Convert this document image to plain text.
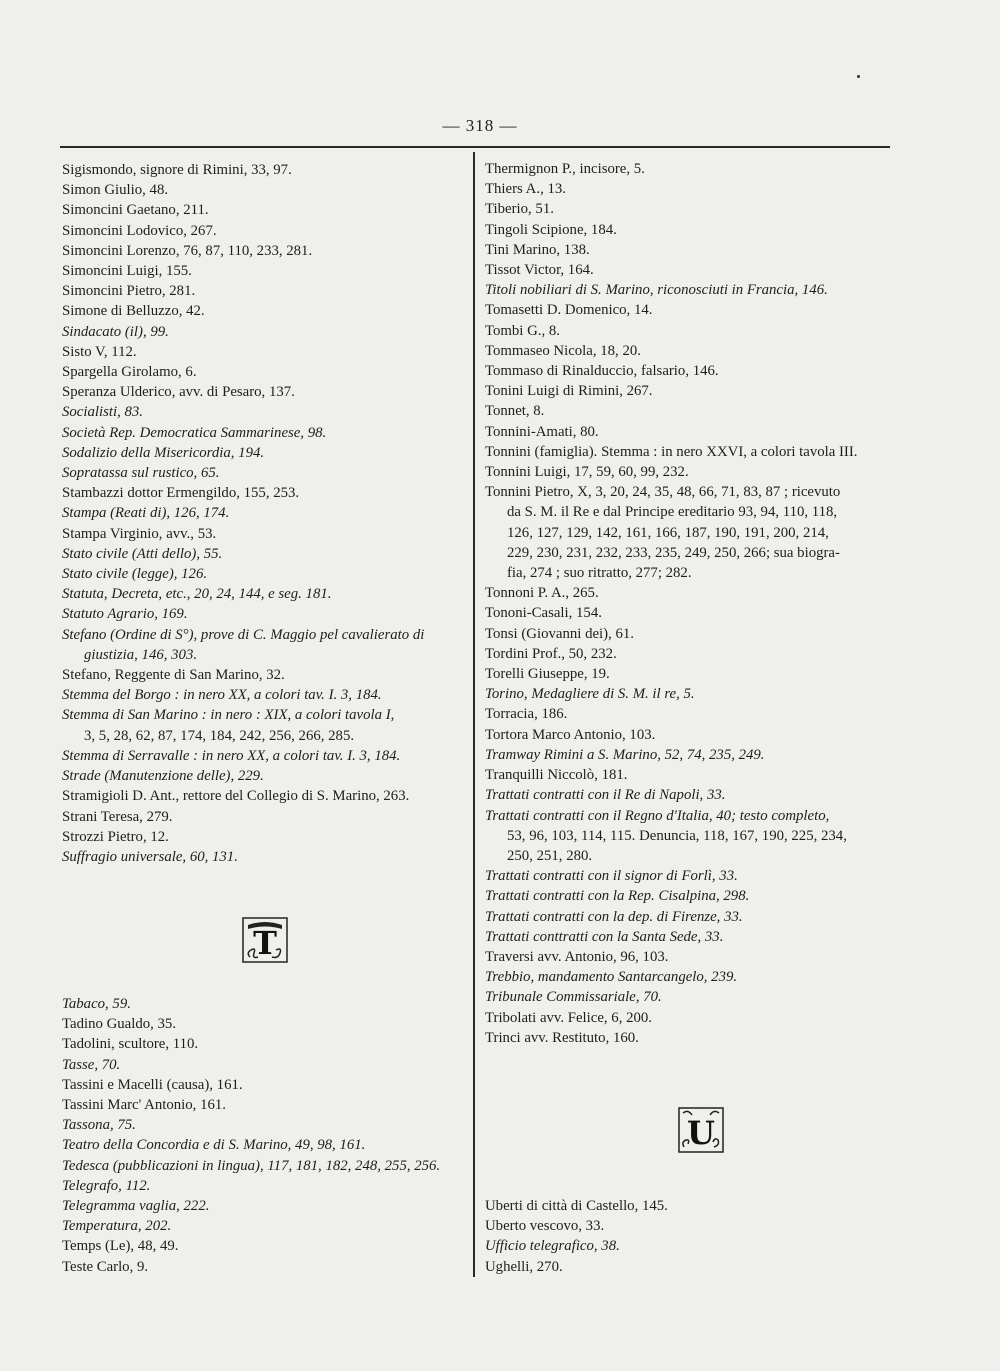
— 318 —
Sigismondo, signore di Rimini, 33, 97.
Simon Giulio, 48.
Simoncini Gaetano, 211.
Simoncini Lodovico, 267.
Simoncini Lorenzo, 76, 87, 110, 233, 281.
Simoncini Luigi, 155.
Simoncini Pietro, 281.
Simone di Belluzzo, 42.
Sindacato (il), 99.
Sisto V, 112.
Spargella Girolamo, 6.
Speranza Ulderico, avv. di Pesaro, 137.
Socialisti, 83.
Società Rep. Democratica Sammarinese, 98.
Sodalizio della Misericordia, 194.
Sopratassa sul rustico, 65.
Stambazzi dottor Ermengildo, 155, 253.
Stampa (Reati di), 126, 174.
Stampa Virginio, avv., 53.
Stato civile (Atti dello), 55.
Stato civile (legge), 126.
Statuta, Decreta, etc., 20, 24, 144, e seg. 181.
Statuto Agrario, 169.
Stefano (Ordine di S°), prove di C. Maggio pel cavalierato di
giustizia, 146, 303.
Stefano, Reggente di San Marino, 32.
Stemma del Borgo : in nero XX, a colori tav. I. 3, 184.
Stemma di San Marino : in nero : XIX, a colori tavola I,
3, 5, 28, 62, 87, 174, 184, 242, 256, 266, 285.
Stemma di Serravalle : in nero XX, a colori tav. I. 3, 184.
Strade (Manutenzione delle), 229.
Stramigioli D. Ant., rettore del Collegio di S. Marino, 263.
Strani Teresa, 279.
Strozzi Pietro, 12.
Suffragio universale, 60, 131.
T
Tabaco, 59.
Tadino Gualdo, 35.
Tadolini, scultore, 110.
Tasse, 70.
Tassini e Macelli (causa), 161.
Tassini Marc' Antonio, 161.
Tassona, 75.
Teatro della Concordia e di S. Marino, 49, 98, 161.
Tedesca (pubblicazioni in lingua), 117, 181, 182, 248, 255, 256.
Telegrafo, 112.
Telegramma vaglia, 222.
Temperatura, 202.
Temps (Le), 48, 49.
Teste Carlo, 9.
Thermignon P., incisore, 5.
Thiers A., 13.
Tiberio, 51.
Tingoli Scipione, 184.
Tini Marino, 138.
Tissot Victor, 164.
Titoli nobiliari di S. Marino, riconosciuti in Francia, 146.
Tomasetti D. Domenico, 14.
Tombi G., 8.
Tommaseo Nicola, 18, 20.
Tommaso di Rinalduccio, falsario, 146.
Tonini Luigi di Rimini, 267.
Tonnet, 8.
Tonnini-Amati, 80.
Tonnini (famiglia). Stemma : in nero XXVI, a colori tavola III.
Tonnini Luigi, 17, 59, 60, 99, 232.
Tonnini Pietro, X, 3, 20, 24, 35, 48, 66, 71, 83, 87 ; ricevuto
da S. M. il Re e dal Principe ereditario 93, 94, 110, 118,
126, 127, 129, 142, 161, 166, 187, 190, 191, 200, 214,
229, 230, 231, 232, 233, 235, 249, 250, 266; sua biogra-
fia, 274 ; suo ritratto, 277; 282.
Tonnoni P. A., 265.
Tononi-Casali, 154.
Tonsi (Giovanni dei), 61.
Tordini Prof., 50, 232.
Torelli Giuseppe, 19.
Torino, Medagliere di S. M. il re, 5.
Torracia, 186.
Tortora Marco Antonio, 103.
Tramway Rimini a S. Marino, 52, 74, 235, 249.
Tranquilli Niccolò, 181.
Trattati contratti con il Re di Napoli, 33.
Trattati contratti con il Regno d'Italia, 40; testo completo,
53, 96, 103, 114, 115. Denuncia, 118, 167, 190, 225, 234,
250, 251, 280.
Trattati contratti con il signor di Forlì, 33.
Trattati contratti con la Rep. Cisalpina, 298.
Trattati contratti con la dep. di Firenze, 33.
Trattati conttratti con la Santa Sede, 33.
Traversi avv. Antonio, 96, 103.
Trebbio, mandamento Santarcangelo, 239.
Tribunale Commissariale, 70.
Tribolati avv. Felice, 6, 200.
Trinci avv. Restituto, 160.
U
Uberti di città di Castello, 145.
Uberto vescovo, 33.
Ufficio telegrafico, 38.
Ughelli, 270.
